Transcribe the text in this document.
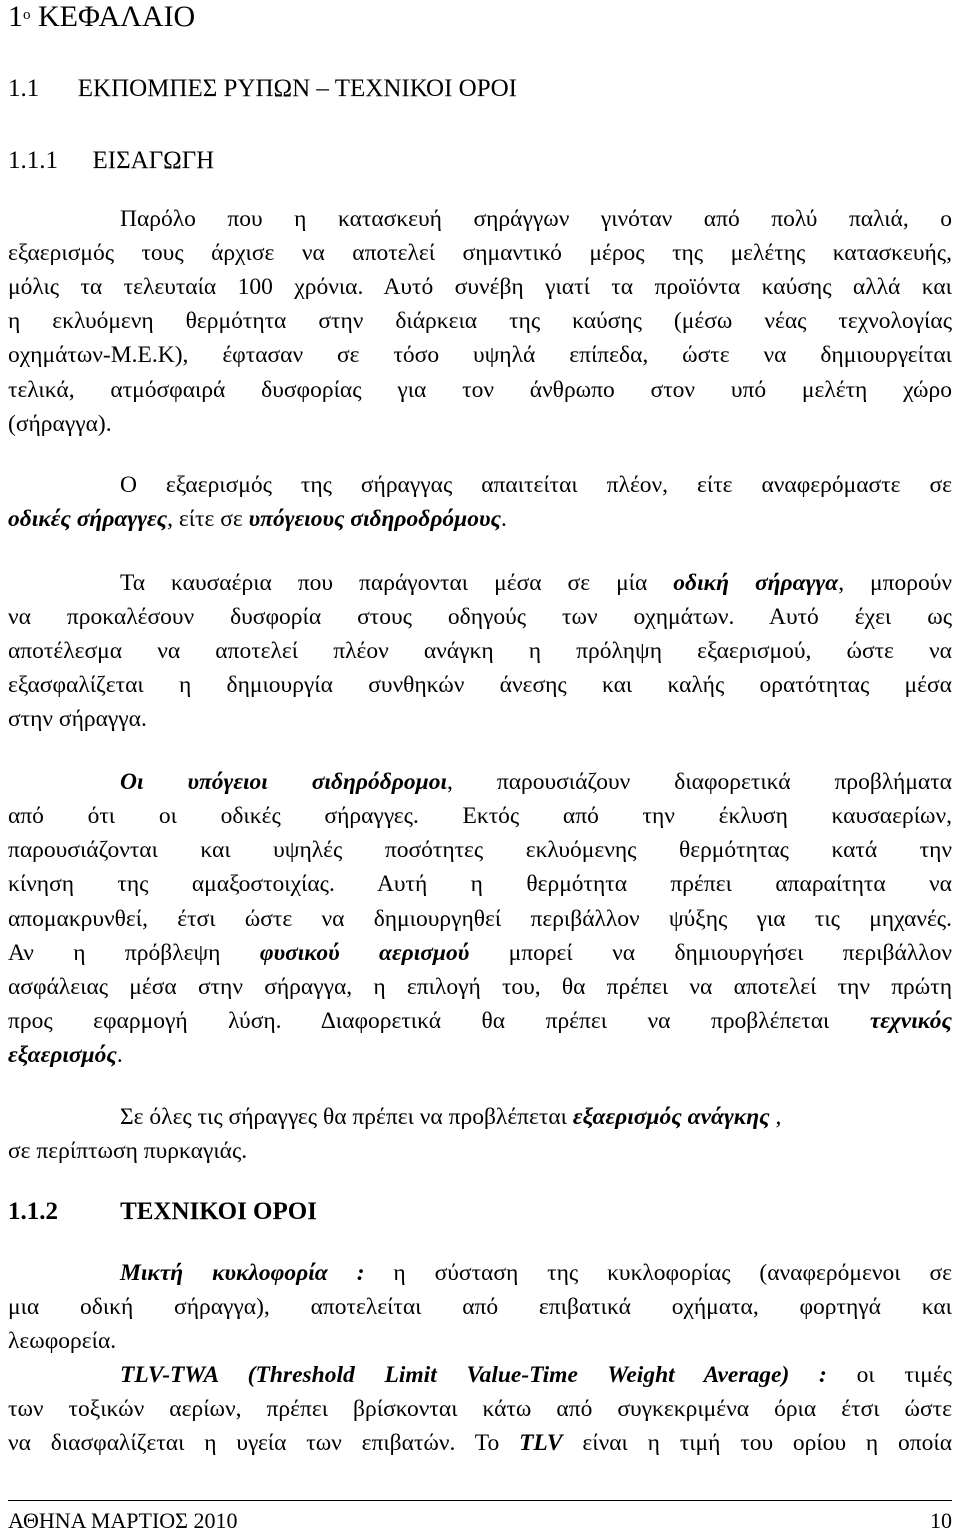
$1^o$ ΚΕΦΑΛΑΙΟ
1.1 ΕΚΠΟΜΠΕΣ ΡΥΠΩΝ – ΤΕΧΝΙΚΟΙ ΟΡΟΙ
1.1.1 ΕΙΣΑΓΩΓΗ
Παρόλο που η κατασκευή σηράγγων γινόταν από πολύ παλιά, ο
εξαερισμός τους άρχισε να αποτελεί σημαντικό μέρος της μελέτης κατασκευής,
μόλις τα τελευταία 100 χρόνια. Αυτό συνέβη γιατί τα προϊόντα καύσης αλλά και
η εκλυόμενη θερμότητα στην διάρκεια της καύσης (μέσω νέας τεχνολογίας
οχημάτων-Μ.Ε.Κ), έφτασαν σε τόσο υψηλά επίπεδα, ώστε να δημιουργείται
τελικά, ατμόσφαιρά δυσφορίας για τον άνθρωπο στον υπό μελέτη χώρο
(σήραγγα).
Ο εξαερισμός της σήραγγας απαιτείται πλέον, είτε αναφερόμαστε σε
οδικές σήραγγες, είτε σε υπόγειους σιδηροδρόμους.
Τα καυσαέρια που παράγονται μέσα σε μία οδική σήραγγα, μπορούν
να προκαλέσουν δυσφορία στους οδηγούς των οχημάτων. Αυτό έχει ως
αποτέλεσμα να αποτελεί πλέον ανάγκη η πρόληψη εξαερισμού, ώστε να
εξασφαλίζεται η δημιουργία συνθηκών άνεσης και καλής ορατότητας μέσα
στην σήραγγα.
Οι υπόγειοι σιδηρόδρομοι, παρουσιάζουν διαφορετικά προβλήματα
από ότι οι οδικές σήραγγες. Εκτός από την έκλυση καυσαερίων,
παρουσιάζονται και υψηλές ποσότητες εκλυόμενης θερμότητας κατά την
κίνηση της αμαξοστοιχίας. Αυτή η θερμότητα πρέπει απαραίτητα να
απομακρυνθεί, έτσι ώστε να δημιουργηθεί περιβάλλον ψύξης για τις μηχανές.
Αν η πρόβλεψη φυσικού αερισμού μπορεί να δημιουργήσει περιβάλλον
ασφάλειας μέσα στην σήραγγα, η επιλογή του, θα πρέπει να αποτελεί την πρώτη
προς εφαρμογή λύση. Διαφορετικά θα πρέπει να προβλέπεται τεχνικός
εξαερισμός.
Σε όλες τις σήραγγες θα πρέπει να προβλέπεται εξαερισμός ανάγκης ,
σε περίπτωση πυρκαγιάς.
1.1.2 ΤΕΧΝΙΚΟΙ ΟΡΟΙ
Μικτή κυκλοφορία : η σύσταση της κυκλοφορίας (αναφερόμενοι σε
μια οδική σήραγγα), αποτελείται από επιβατικά οχήματα, φορτηγά και
λεωφορεία.
TLV-TWA (Threshold Limit Value-Time Weight Average) : οι τιμές
των τοξικών αερίων, πρέπει βρίσκονται κάτω από συγκεκριμένα όρια έτσι ώστε
να διασφαλίζεται η υγεία των επιβατών. Το TLV είναι η τιμή του ορίου η οποία
ΑΘΗΝΑ ΜΑΡΤΙΟΣ 2010	10
